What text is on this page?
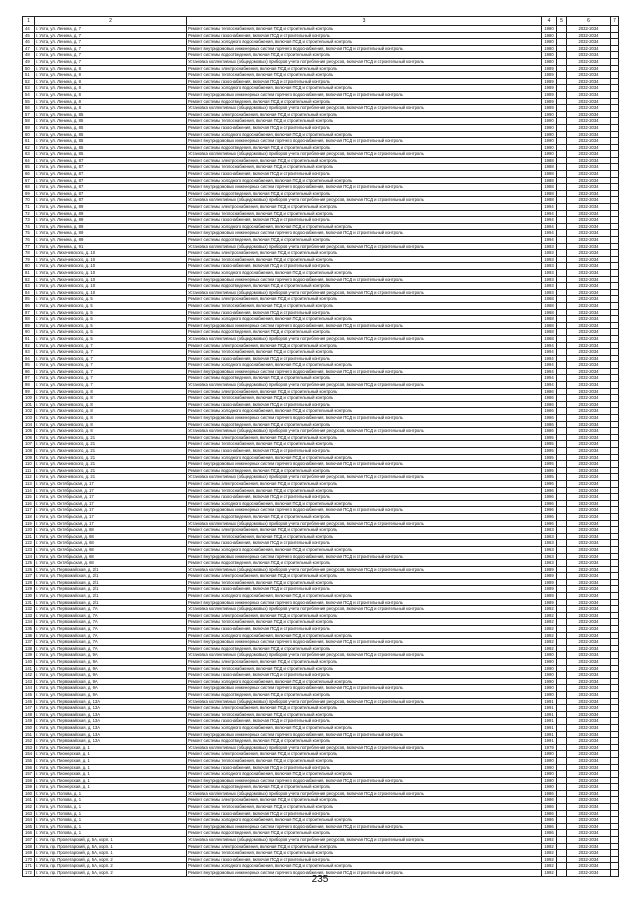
1	2	3	4	5	6	7
44	г. Ухта, ул. Ленина, д. 7	Ремонт системы теплоснабжения, включая ПСД и строительный контроль	1980		2032-2034	
45	г. Ухта, ул. Ленина, д. 7	Ремонт системы газоснабжения, включая ПСД и строительный контроль	1980		2032-2034	
46	г. Ухта, ул. Ленина, д. 7	Ремонт системы холодного водоснабжения, включая ПСД и строительный контроль	1980		2032-2034	
47	г. Ухта, ул. Ленина, д. 7	Ремонт внутридомовых инженерных систем горячего водоснабжения, включая ПСД и строительный контроль	1980		2032-2034	
48	г. Ухта, ул. Ленина, д. 7	Ремонт системы водоотведения, включая ПСД и строительный контроль	1980		2032-2034	
49	г. Ухта, ул. Ленина, д. 7	Установка коллективных (общедомовых) приборов учета потребления ресурсов, включая ПСД и строительный контроль	1980		2032-2034	
50	г. Ухта, ул. Ленина, д. 8	Ремонт системы электроснабжения, включая ПСД и строительный контроль	1989		2032-2034	
51	г. Ухта, ул. Ленина, д. 8	Ремонт системы теплоснабжения, включая ПСД и строительный контроль	1989		2032-2034	
52	г. Ухта, ул. Ленина, д. 8	Ремонт системы газоснабжения, включая ПСД и строительный контроль	1989		2032-2034	
53	г. Ухта, ул. Ленина, д. 8	Ремонт системы холодного водоснабжения, включая ПСД и строительный контроль	1989		2032-2034	
54	г. Ухта, ул. Ленина, д. 8	Ремонт внутридомовых инженерных систем горячего водоснабжения, включая ПСД и строительный контроль	1989		2032-2034	
55	г. Ухта, ул. Ленина, д. 8	Ремонт системы водоотведения, включая ПСД и строительный контроль	1989		2032-2034	
56	г. Ухта, ул. Ленина, д. 8	Установка коллективных (общедомовых) приборов учета потребления ресурсов, включая ПСД и строительный контроль	1989		2032-2034	
57	г. Ухта, ул. Ленина, д. 85	Ремонт системы электроснабжения, включая ПСД и строительный контроль	1990		2032-2034	
58	г. Ухта, ул. Ленина, д. 85	Ремонт системы теплоснабжения, включая ПСД и строительный контроль	1990		2032-2034	
59	г. Ухта, ул. Ленина, д. 85	Ремонт системы газоснабжения, включая ПСД и строительный контроль	1990		2032-2034	
60	г. Ухта, ул. Ленина, д. 85	Ремонт системы холодного водоснабжения, включая ПСД и строительный контроль	1990		2032-2034	
61	г. Ухта, ул. Ленина, д. 85	Ремонт внутридомовых инженерных систем горячего водоснабжения, включая ПСД и строительный контроль	1990		2032-2034	
62	г. Ухта, ул. Ленина, д. 85	Ремонт системы водоотведения, включая ПСД и строительный контроль	1990		2032-2034	
63	г. Ухта, ул. Ленина, д. 85	Установка коллективных (общедомовых) приборов учета потребления ресурсов, включая ПСД и строительный контроль	1990		2032-2034	
64	г. Ухта, ул. Ленина, д. 87	Ремонт системы электроснабжения, включая ПСД и строительный контроль	1988		2032-2034	
65	г. Ухта, ул. Ленина, д. 87	Ремонт системы теплоснабжения, включая ПСД и строительный контроль	1988		2032-2034	
66	г. Ухта, ул. Ленина, д. 87	Ремонт системы газоснабжения, включая ПСД и строительный контроль	1988		2032-2034	
67	г. Ухта, ул. Ленина, д. 87	Ремонт системы холодного водоснабжения, включая ПСД и строительный контроль	1988		2032-2034	
68	г. Ухта, ул. Ленина, д. 87	Ремонт внутридомовых инженерных систем горячего водоснабжения, включая ПСД и строительный контроль	1988		2032-2034	
69	г. Ухта, ул. Ленина, д. 87	Ремонт системы водоотведения, включая ПСД и строительный контроль	1988		2032-2034	
70	г. Ухта, ул. Ленина, д. 87	Установка коллективных (общедомовых) приборов учета потребления ресурсов, включая ПСД и строительный контроль	1988		2032-2034	
71	г. Ухта, ул. Ленина, д. 89	Ремонт системы электроснабжения, включая ПСД и строительный контроль	1994		2032-2034	
72	г. Ухта, ул. Ленина, д. 89	Ремонт системы теплоснабжения, включая ПСД и строительный контроль	1994		2032-2034	
73	г. Ухта, ул. Ленина, д. 89	Ремонт системы газоснабжения, включая ПСД и строительный контроль	1994		2032-2034	
74	г. Ухта, ул. Ленина, д. 89	Ремонт системы холодного водоснабжения, включая ПСД и строительный контроль	1994		2032-2034	
75	г. Ухта, ул. Ленина, д. 89	Ремонт внутридомовых инженерных систем горячего водоснабжения, включая ПСД и строительный контроль	1994		2032-2034	
76	г. Ухта, ул. Ленина, д. 89	Ремонт системы водоотведения, включая ПСД и строительный контроль	1994		2032-2034	
77	г. Ухта, ул. Ленина, д. 91	Установка коллективных (общедомовых) приборов учета потребления ресурсов, включая ПСД и строительный контроль	1993		2032-2034	
78	г. Ухта, ул. Лихачевского, д. 10	Ремонт системы электроснабжения, включая ПСД и строительный контроль	1993		2032-2034	
79	г. Ухта, ул. Лихачевского, д. 10	Ремонт системы теплоснабжения, включая ПСД и строительный контроль	1993		2032-2034	
80	г. Ухта, ул. Лихачевского, д. 10	Ремонт системы газоснабжения, включая ПСД и строительный контроль	1993		2032-2034	
81	г. Ухта, ул. Лихачевского, д. 10	Ремонт системы холодного водоснабжения, включая ПСД и строительный контроль	1993		2032-2034	
82	г. Ухта, ул. Лихачевского, д. 10	Ремонт внутридомовых инженерных систем горячего водоснабжения, включая ПСД и строительный контроль	1993		2032-2034	
83	г. Ухта, ул. Лихачевского, д. 10	Ремонт системы водоотведения, включая ПСД и строительный контроль	1993		2032-2034	
84	г. Ухта, ул. Лихачевского, д. 10	Установка коллективных (общедомовых) приборов учета потребления ресурсов, включая ПСД и строительный контроль	1993		2032-2034	
85	г. Ухта, ул. Лихачевского, д. 5	Ремонт системы электроснабжения, включая ПСД и строительный контроль	1968		2032-2034	
86	г. Ухта, ул. Лихачевского, д. 5	Ремонт системы теплоснабжения, включая ПСД и строительный контроль	1968		2032-2034	
87	г. Ухта, ул. Лихачевского, д. 5	Ремонт системы газоснабжения, включая ПСД и строительный контроль	1968		2032-2034	
88	г. Ухта, ул. Лихачевского, д. 5	Ремонт системы холодного водоснабжения, включая ПСД и строительный контроль	1968		2032-2034	
89	г. Ухта, ул. Лихачевского, д. 5	Ремонт внутридомовых инженерных систем горячего водоснабжения, включая ПСД и строительный контроль	1968		2032-2034	
90	г. Ухта, ул. Лихачевского, д. 5	Ремонт системы водоотведения, включая ПСД и строительный контроль	1968		2032-2034	
91	г. Ухта, ул. Лихачевского, д. 5	Установка коллективных (общедомовых) приборов учета потребления ресурсов, включая ПСД и строительный контроль	1968		2032-2034	
92	г. Ухта, ул. Лихачевского, д. 7	Ремонт системы электроснабжения, включая ПСД и строительный контроль	1994		2032-2034	
93	г. Ухта, ул. Лихачевского, д. 7	Ремонт системы теплоснабжения, включая ПСД и строительный контроль	1994		2032-2034	
94	г. Ухта, ул. Лихачевского, д. 7	Ремонт системы газоснабжения, включая ПСД и строительный контроль	1994		2032-2034	
95	г. Ухта, ул. Лихачевского, д. 7	Ремонт системы холодного водоснабжения, включая ПСД и строительный контроль	1994		2032-2034	
96	г. Ухта, ул. Лихачевского, д. 7	Ремонт внутридомовых инженерных систем горячего водоснабжения, включая ПСД и строительный контроль	1994		2032-2034	
97	г. Ухта, ул. Лихачевского, д. 7	Ремонт системы водоотведения, включая ПСД и строительный контроль	1994		2032-2034	
98	г. Ухта, ул. Лихачевского, д. 7	Установка коллективных (общедомовых) приборов учета потребления ресурсов, включая ПСД и строительный контроль	1994		2032-2034	
99	г. Ухта, ул. Лихачевского, д. 8	Ремонт системы электроснабжения, включая ПСД и строительный контроль	1986		2032-2034	
100	г. Ухта, ул. Лихачевского, д. 8	Ремонт системы теплоснабжения, включая ПСД и строительный контроль	1986		2032-2034	
101	г. Ухта, ул. Лихачевского, д. 8	Ремонт системы газоснабжения, включая ПСД и строительный контроль	1986		2032-2034	
102	г. Ухта, ул. Лихачевского, д. 8	Ремонт системы холодного водоснабжения, включая ПСД и строительный контроль	1986		2032-2034	
103	г. Ухта, ул. Лихачевского, д. 8	Ремонт внутридомовых инженерных систем горячего водоснабжения, включая ПСД и строительный контроль	1986		2032-2034	
104	г. Ухта, ул. Лихачевского, д. 8	Ремонт системы водоотведения, включая ПСД и строительный контроль	1986		2032-2034	
105	г. Ухта, ул. Лихачевского, д. 8	Установка коллективных (общедомовых) приборов учета потребления ресурсов, включая ПСД и строительный контроль	1986		2032-2034	
106	г. Ухта, ул. Лихачевского, д. 21	Ремонт системы электроснабжения, включая ПСД и строительный контроль	1995		2032-2034	
107	г. Ухта, ул. Лихачевского, д. 21	Ремонт системы теплоснабжения, включая ПСД и строительный контроль	1995		2032-2034	
108	г. Ухта, ул. Лихачевского, д. 21	Ремонт системы газоснабжения, включая ПСД и строительный контроль	1995		2032-2034	
109	г. Ухта, ул. Лихачевского, д. 21	Ремонт системы холодного водоснабжения, включая ПСД и строительный контроль	1995		2032-2034	
110	г. Ухта, ул. Лихачевского, д. 21	Ремонт внутридомовых инженерных систем горячего водоснабжения, включая ПСД и строительный контроль	1995		2032-2034	
111	г. Ухта, ул. Лихачевского, д. 21	Ремонт системы водоотведения, включая ПСД и строительный контроль	1995		2032-2034	
112	г. Ухта, ул. Лихачевского, д. 21	Установка коллективных (общедомовых) приборов учета потребления ресурсов, включая ПСД и строительный контроль	1995		2032-2034	
113	г. Ухта, ул. Октябрьская, д. 17	Ремонт системы электроснабжения, включая ПСД и строительный контроль	1996		2032-2034	
114	г. Ухта, ул. Октябрьская, д. 17	Ремонт системы теплоснабжения, включая ПСД и строительный контроль	1996		2032-2034	
115	г. Ухта, ул. Октябрьская, д. 17	Ремонт системы газоснабжения, включая ПСД и строительный контроль	1996		2032-2034	
116	г. Ухта, ул. Октябрьская, д. 17	Ремонт системы холодного водоснабжения, включая ПСД и строительный контроль	1996		2032-2034	
117	г. Ухта, ул. Октябрьская, д. 17	Ремонт внутридомовых инженерных систем горячего водоснабжения, включая ПСД и строительный контроль	1996		2032-2034	
118	г. Ухта, ул. Октябрьская, д. 17	Ремонт системы водоотведения, включая ПСД и строительный контроль	1996		2032-2034	
119	г. Ухта, ул. Октябрьская, д. 17	Установка коллективных (общедомовых) приборов учета потребления ресурсов, включая ПСД и строительный контроль	1996		2032-2034	
120	г. Ухта, ул. Октябрьская, д. 68	Ремонт системы электроснабжения, включая ПСД и строительный контроль	1963		2032-2034	
121	г. Ухта, ул. Октябрьская, д. 68	Ремонт системы теплоснабжения, включая ПСД и строительный контроль	1963		2032-2034	
122	г. Ухта, ул. Октябрьская, д. 68	Ремонт системы газоснабжения, включая ПСД и строительный контроль	1963		2032-2034	
123	г. Ухта, ул. Октябрьская, д. 68	Ремонт системы холодного водоснабжения, включая ПСД и строительный контроль	1963		2032-2034	
124	г. Ухта, ул. Октябрьская, д. 68	Ремонт внутридомовых инженерных систем горячего водоснабжения, включая ПСД и строительный контроль	1963		2032-2034	
125	г. Ухта, ул. Октябрьская, д. 68	Ремонт системы водоотведения, включая ПСД и строительный контроль	1963		2032-2034	
126	г. Ухта, ул. Первомайская, д. 2/1	Установка коллективных (общедомовых) приборов учета потребления ресурсов, включая ПСД и строительный контроль	1989		2032-2034	
127	г. Ухта, ул. Первомайская, д. 2/1	Ремонт системы электроснабжения, включая ПСД и строительный контроль	1989		2032-2034	
128	г. Ухта, ул. Первомайская, д. 2/1	Ремонт системы теплоснабжения, включая ПСД и строительный контроль	1989		2032-2034	
129	г. Ухта, ул. Первомайская, д. 2/1	Ремонт системы газоснабжения, включая ПСД и строительный контроль	1989		2032-2034	
130	г. Ухта, ул. Первомайская, д. 2/1	Ремонт системы холодного водоснабжения, включая ПСД и строительный контроль	1989		2032-2034	
131	г. Ухта, ул. Первомайская, д. 2/1	Ремонт внутридомовых инженерных систем горячего водоснабжения, включая ПСД и строительный контроль	1989		2032-2034	
132	г. Ухта, ул. Первомайская, д. 7А	Установка коллективных (общедомовых) приборов учета потребления ресурсов, включая ПСД и строительный контроль	1992		2032-2034	
133	г. Ухта, ул. Первомайская, д. 7А	Ремонт системы электроснабжения, включая ПСД и строительный контроль	1992		2032-2034	
134	г. Ухта, ул. Первомайская, д. 7А	Ремонт системы теплоснабжения, включая ПСД и строительный контроль	1992		2032-2034	
135	г. Ухта, ул. Первомайская, д. 7А	Ремонт системы газоснабжения, включая ПСД и строительный контроль	1992		2032-2034	
136	г. Ухта, ул. Первомайская, д. 7А	Ремонт системы холодного водоснабжения, включая ПСД и строительный контроль	1992		2032-2034	
137	г. Ухта, ул. Первомайская, д. 7А	Ремонт внутридомовых инженерных систем горячего водоснабжения, включая ПСД и строительный контроль	1992		2032-2034	
138	г. Ухта, ул. Первомайская, д. 7А	Ремонт системы водоотведения, включая ПСД и строительный контроль	1992		2032-2034	
139	г. Ухта, ул. Первомайская, д. 9А	Установка коллективных (общедомовых) приборов учета потребления ресурсов, включая ПСД и строительный контроль	1990		2032-2034	
140	г. Ухта, ул. Первомайская, д. 9А	Ремонт системы электроснабжения, включая ПСД и строительный контроль	1990		2032-2034	
141	г. Ухта, ул. Первомайская, д. 9А	Ремонт системы теплоснабжения, включая ПСД и строительный контроль	1990		2032-2034	
142	г. Ухта, ул. Первомайская, д. 9А	Ремонт системы газоснабжения, включая ПСД и строительный контроль	1990		2032-2034	
143	г. Ухта, ул. Первомайская, д. 9А	Ремонт системы холодного водоснабжения, включая ПСД и строительный контроль	1990		2032-2034	
144	г. Ухта, ул. Первомайская, д. 9А	Ремонт внутридомовых инженерных систем горячего водоснабжения, включая ПСД и строительный контроль	1990		2032-2034	
145	г. Ухта, ул. Первомайская, д. 9А	Ремонт системы водоотведения, включая ПСД и строительный контроль	1990		2032-2034	
146	г. Ухта, ул. Первомайская, д. 13А	Установка коллективных (общедомовых) приборов учета потребления ресурсов, включая ПСД и строительный контроль	1991		2032-2034	
147	г. Ухта, ул. Первомайская, д. 13А	Ремонт системы электроснабжения, включая ПСД и строительный контроль	1991		2032-2034	
148	г. Ухта, ул. Первомайская, д. 13А	Ремонт системы теплоснабжения, включая ПСД и строительный контроль	1991		2032-2034	
149	г. Ухта, ул. Первомайская, д. 13А	Ремонт системы газоснабжения, включая ПСД и строительный контроль	1991		2032-2034	
150	г. Ухта, ул. Первомайская, д. 13А	Ремонт системы холодного водоснабжения, включая ПСД и строительный контроль	1991		2032-2034	
151	г. Ухта, ул. Первомайская, д. 13А	Ремонт внутридомовых инженерных систем горячего водоснабжения, включая ПСД и строительный контроль	1991		2032-2034	
152	г. Ухта, ул. Первомайская, д. 13А	Ремонт системы водоотведения, включая ПСД и строительный контроль	1991		2032-2034	
153	г. Ухта, ул. Пионерская, д. 1	Установка коллективных (общедомовых) приборов учета потребления ресурсов, включая ПСД и строительный контроль	1979		2032-2034	
154	г. Ухта, ул. Пионерская, д. 1	Ремонт системы электроснабжения, включая ПСД и строительный контроль	1990		2032-2034	
155	г. Ухта, ул. Пионерская, д. 1	Ремонт системы теплоснабжения, включая ПСД и строительный контроль	1990		2032-2034	
156	г. Ухта, ул. Пионерская, д. 1	Ремонт системы газоснабжения, включая ПСД и строительный контроль	1990		2032-2034	
157	г. Ухта, ул. Пионерская, д. 1	Ремонт системы холодного водоснабжения, включая ПСД и строительный контроль	1990		2032-2034	
158	г. Ухта, ул. Пионерская, д. 1	Ремонт внутридомовых инженерных систем горячего водоснабжения, включая ПСД и строительный контроль	1990		2032-2034	
159	г. Ухта, ул. Пионерская, д. 1	Ремонт системы водоотведения, включая ПСД и строительный контроль	1990		2032-2034	
160	г. Ухта, ул. Попова, д. 1	Установка коллективных (общедомовых) приборов учета потребления ресурсов, включая ПСД и строительный контроль	1986		2032-2034	
161	г. Ухта, ул. Попова, д. 1	Ремонт системы электроснабжения, включая ПСД и строительный контроль	1986		2032-2034	
162	г. Ухта, ул. Попова, д. 1	Ремонт системы теплоснабжения, включая ПСД и строительный контроль	1986		2032-2034	
163	г. Ухта, ул. Попова, д. 1	Ремонт системы газоснабжения, включая ПСД и строительный контроль	1986		2032-2034	
164	г. Ухта, ул. Попова, д. 1	Ремонт системы холодного водоснабжения, включая ПСД и строительный контроль	1986		2032-2034	
165	г. Ухта, ул. Попова, д. 1	Ремонт внутридомовых инженерных систем горячего водоснабжения, включая ПСД и строительный контроль	1986		2032-2034	
166	г. Ухта, ул. Попова, д. 1	Ремонт системы водоотведения, включая ПСД и строительный контроль	1986		2032-2034	
167	г. Ухта, пр. Пролетарский, д. 5А, корп. 1	Установка коллективных (общедомовых) приборов учета потребления ресурсов, включая ПСД и строительный контроль	1992		2032-2034	
168	г. Ухта, пр. Пролетарский, д. 5А, корп. 1	Ремонт системы электроснабжения, включая ПСД и строительный контроль	1992		2032-2034	
169	г. Ухта, пр. Пролетарский, д. 5А, корп. 1	Ремонт системы теплоснабжения, включая ПСД и строительный контроль	1992		2032-2034	
170	г. Ухта, пр. Пролетарский, д. 5А, корп. 2	Ремонт системы газоснабжения, включая ПСД и строительный контроль	1992		2032-2034	
171	г. Ухта, пр. Пролетарский, д. 5А, корп. 2	Ремонт системы холодного водоснабжения, включая ПСД и строительный контроль	1992		2032-2034	
172	г. Ухта, пр. Пролетарский, д. 5А, корп. 2	Ремонт внутридомовых инженерных систем горячего водоснабжения, включая ПСД и строительный контроль	1992		2032-2034	
235
